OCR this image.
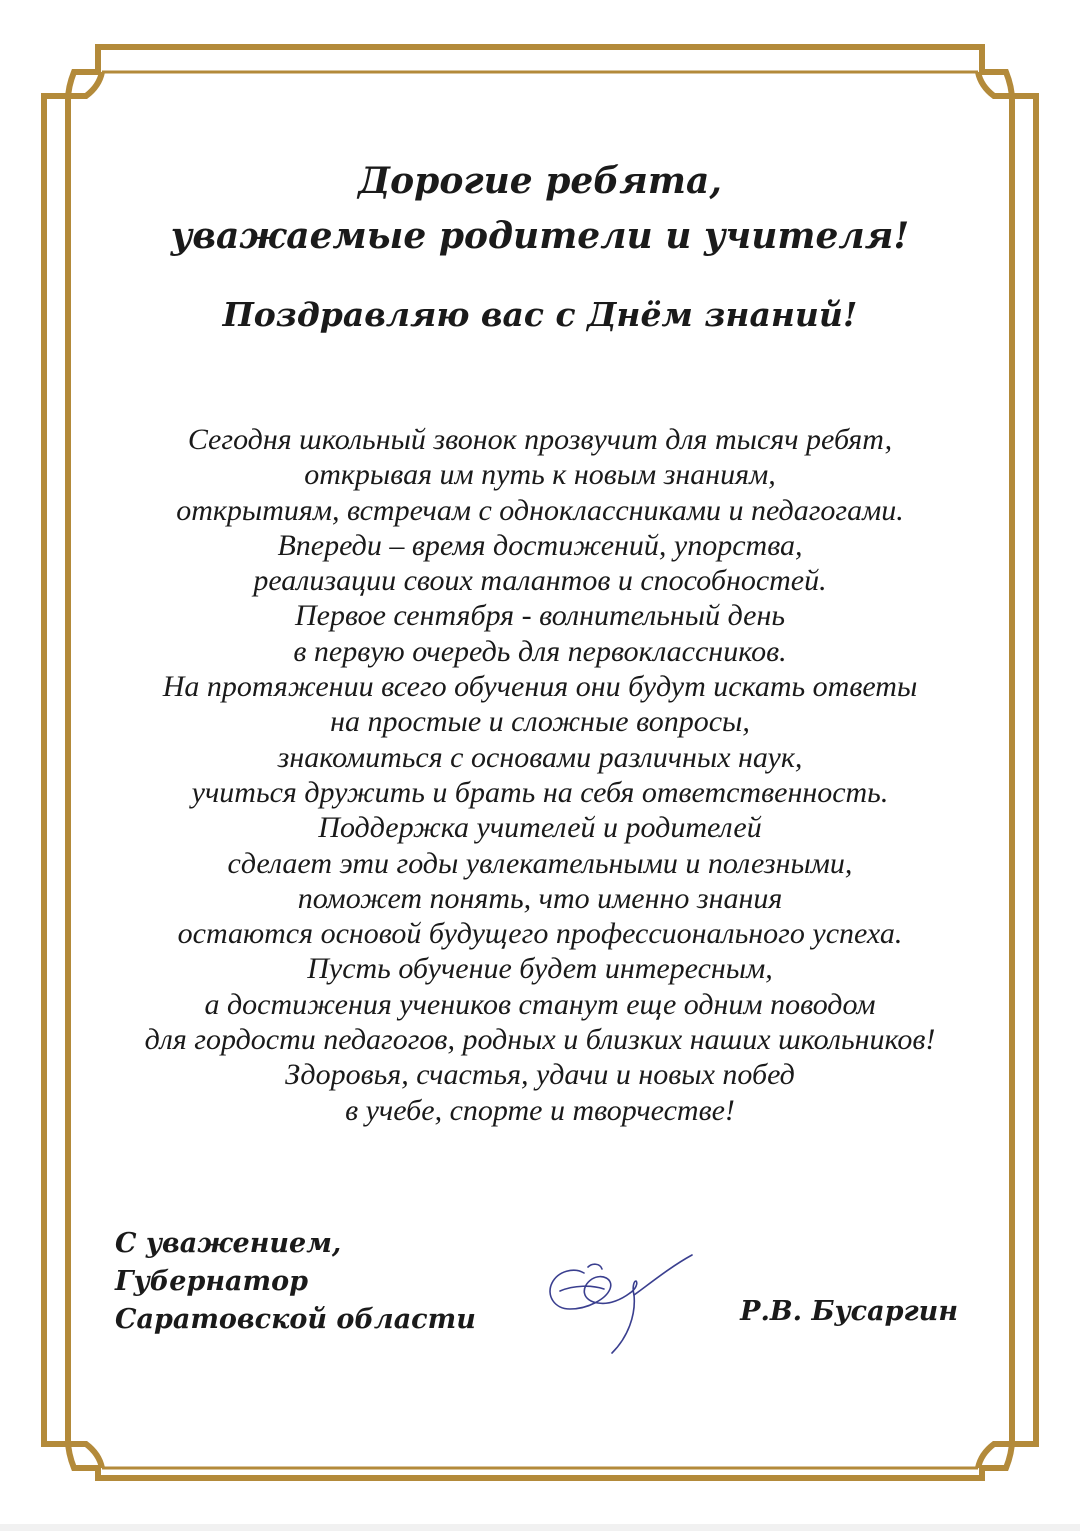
Дорогие ребята,
уважаемые родители и учителя!
Поздравляю вас с Днём знаний!
Сегодня школьный звонок прозвучит для тысяч ребят,
открывая им путь к новым знаниям,
открытиям, встречам с одноклассниками и педагогами.
Впереди – время достижений, упорства,
реализации своих талантов и способностей.
Первое сентября - волнительный день
в первую очередь для первоклассников.
На протяжении всего обучения они будут искать ответы
на простые и сложные вопросы,
знакомиться с основами различных наук,
учиться дружить и брать на себя ответственность.
Поддержка учителей и родителей
сделает эти годы увлекательными и полезными,
поможет понять, что именно знания
остаются основой будущего профессионального успеха.
Пусть обучение будет интересным,
а достижения учеников станут еще одним поводом
для гордости педагогов, родных и близких наших школьников!
Здоровья, счастья, удачи и новых побед
в учебе, спорте и творчестве!
С уважением,
Губернатор
Саратовской области	Р.В. Бусаргин
